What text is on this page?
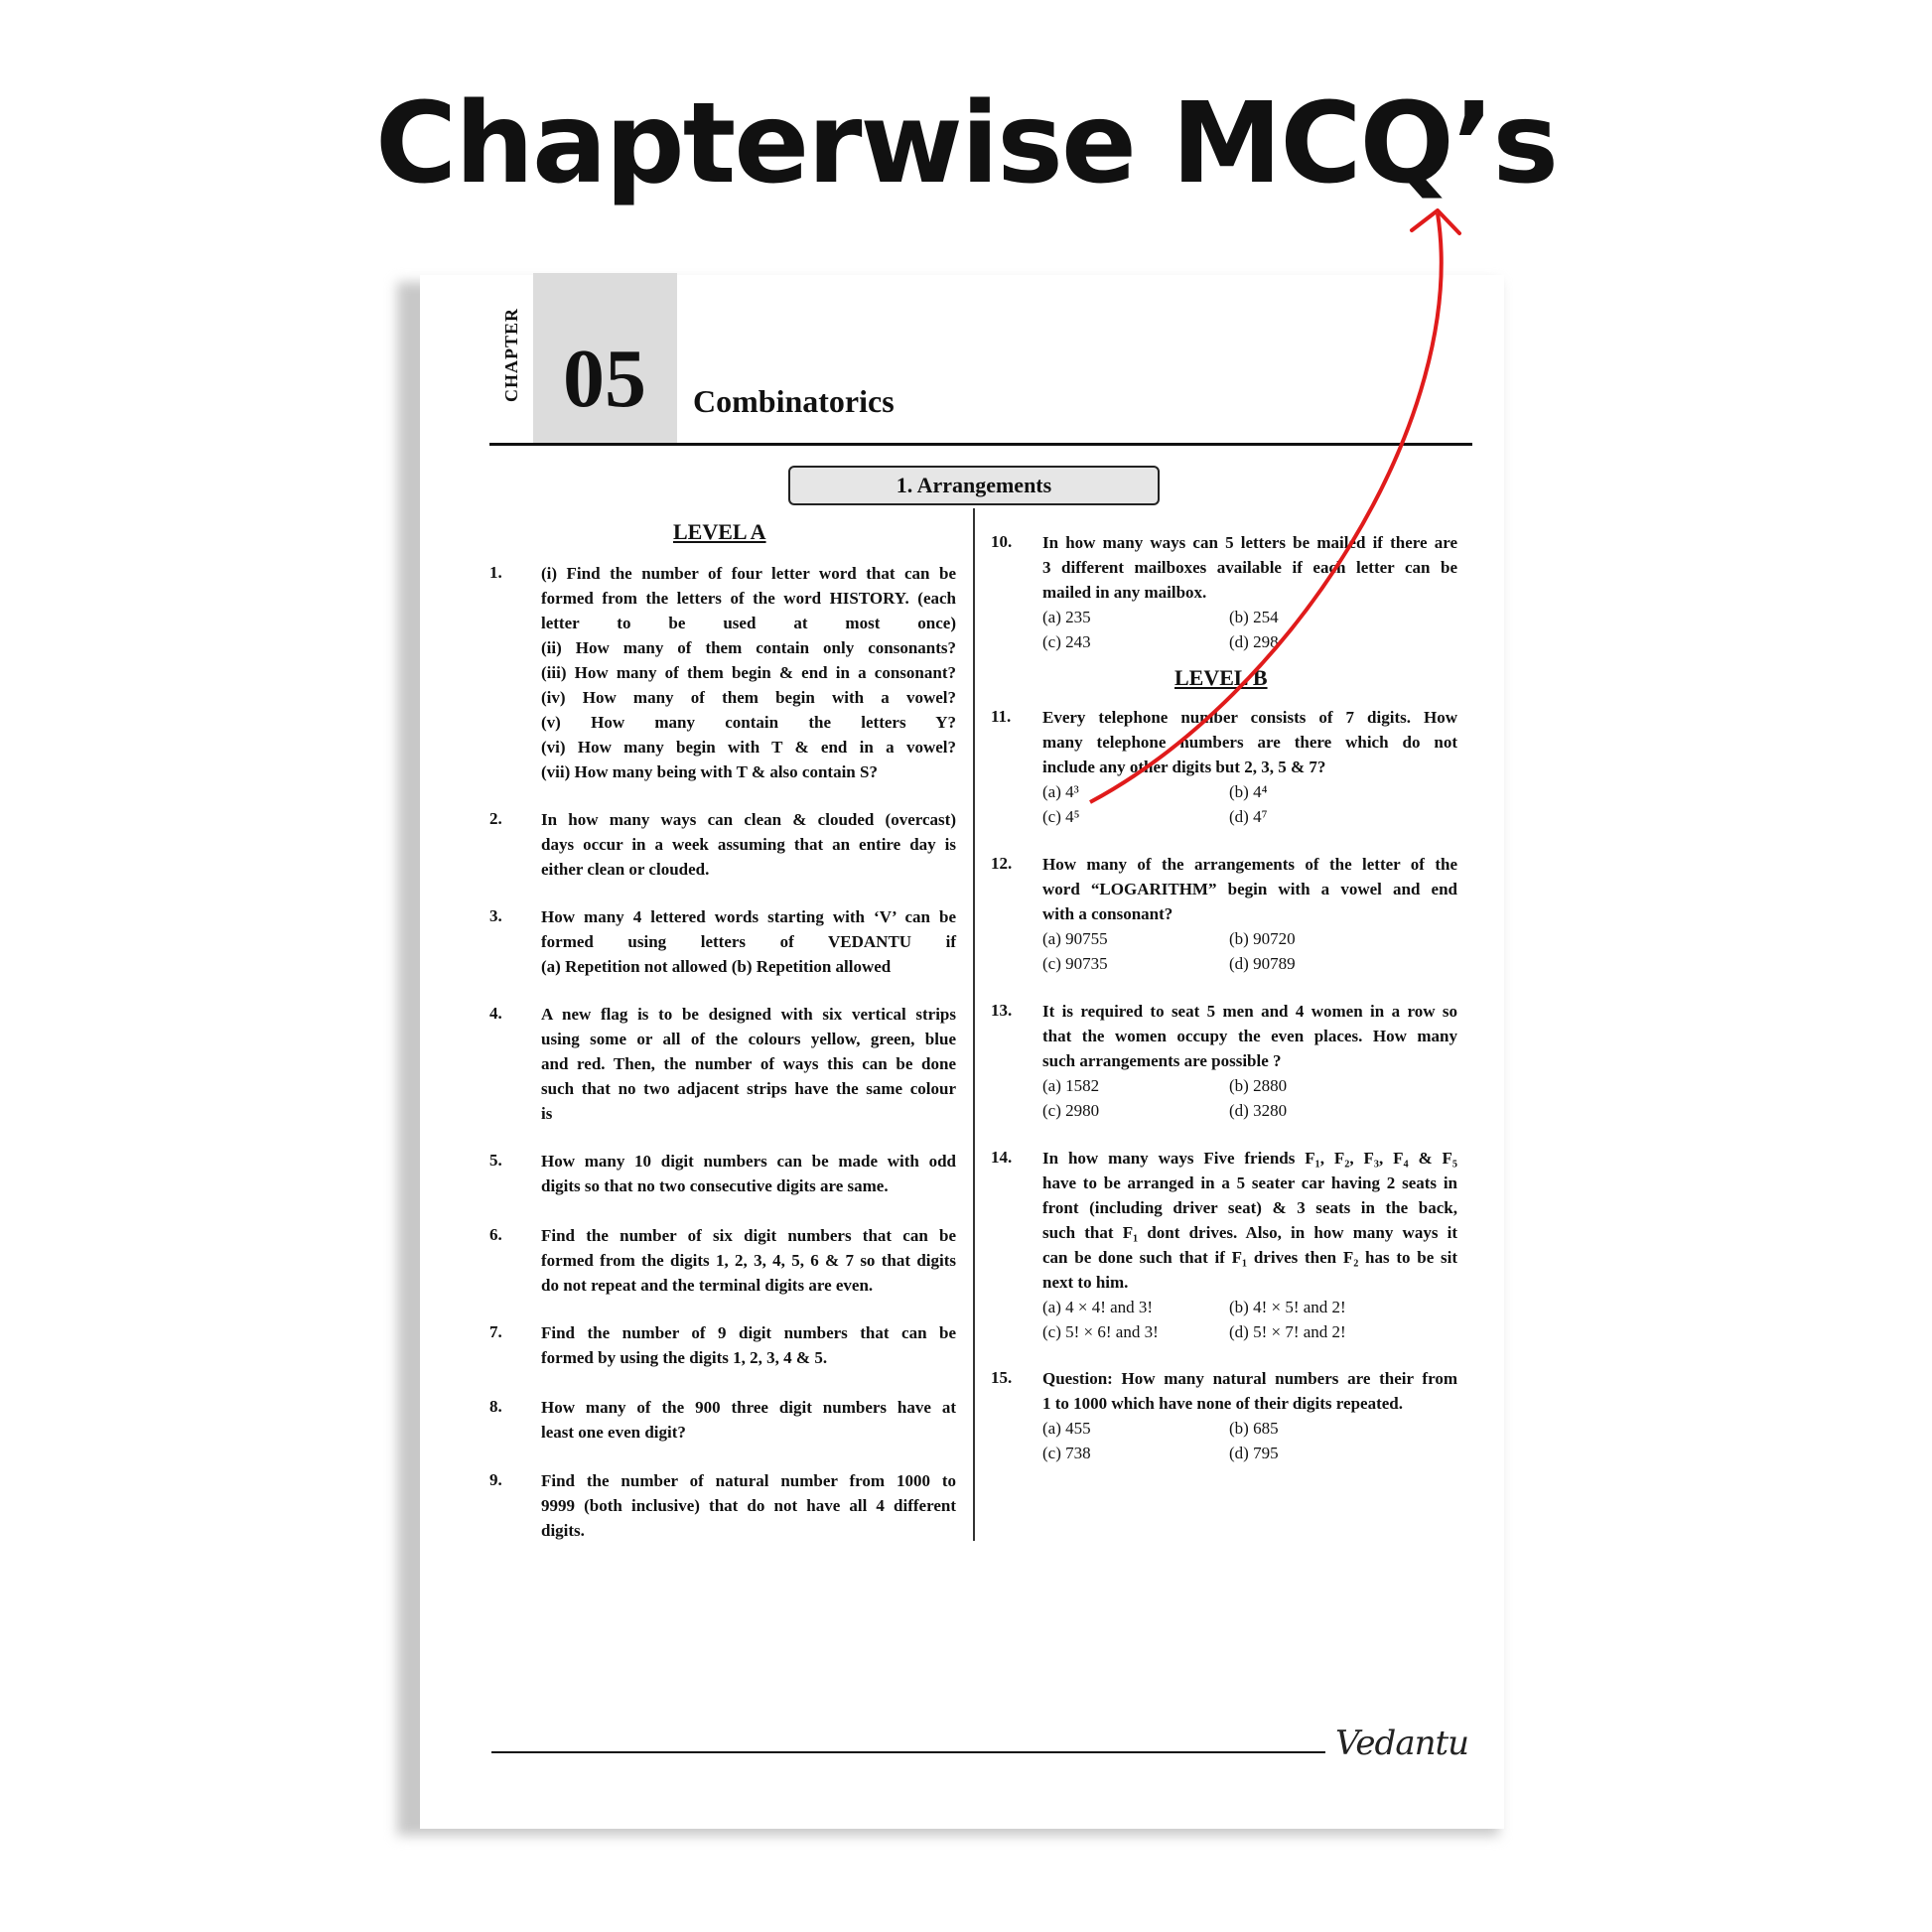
Chapterwise MCQ’s
CHAPTER 05 Combinatorics
1. Arrangements
LEVEL A
LEVEL B
1. (i) Find the number of four letter word that can be
formed from the letters of the word HISTORY. (each
letter to be used at most once)
(ii) How many of them contain only consonants?
(iii) How many of them begin & end in a consonant?
(iv) How many of them begin with a vowel?
(v) How many contain the letters Y?
(vi) How many begin with T & end in a vowel?
(vii) How many being with T & also contain S?
2. In how many ways can clean & clouded (overcast)
days occur in a week assuming that an entire day is
either clean or clouded.
3. How many 4 lettered words starting with ‘V’ can be
formed using letters of VEDANTU if
(a) Repetition not allowed (b) Repetition allowed
4. A new flag is to be designed with six vertical strips
using some or all of the colours yellow, green, blue
and red. Then, the number of ways this can be done
such that no two adjacent strips have the same colour
is
5. How many 10 digit numbers can be made with odd
digits so that no two consecutive digits are same.
6. Find the number of six digit numbers that can be
formed from the digits 1, 2, 3, 4, 5, 6 & 7 so that digits
do not repeat and the terminal digits are even.
7. Find the number of 9 digit numbers that can be
formed by using the digits 1, 2, 3, 4 & 5.
8. How many of the 900 three digit numbers have at
least one even digit?
9. Find the number of natural number from 1000 to
9999 (both inclusive) that do not have all 4 different
digits.
10. In how many ways can 5 letters be mailed if there are
3 different mailboxes available if each letter can be
mailed in any mailbox.
(a) 235	(b) 254
(c) 243	(d) 298
11. Every telephone number consists of 7 digits. How
many telephone numbers are there which do not
include any other digits but 2, 3, 5 & 7?
(a) 4³	(b) 4⁴
(c) 4⁵	(d) 4⁷
12. How many of the arrangements of the letter of the
word “LOGARITHM” begin with a vowel and end
with a consonant?
(a) 90755	(b) 90720
(c) 90735	(d) 90789
13. It is required to seat 5 men and 4 women in a row so
that the women occupy the even places. How many
such arrangements are possible ?
(a) 1582	(b) 2880
(c) 2980	(d) 3280
14. In how many ways Five friends F₁, F₂, F₃, F₄ & F₅
have to be arranged in a 5 seater car having 2 seats in
front (including driver seat) & 3 seats in the back,
such that F₁ dont drives. Also, in how many ways it
can be done such that if F₁ drives then F₂ has to be sit
next to him.
(a) 4 × 4! and 3!	(b) 4! × 5! and 2!
(c) 5! × 6! and 3!	(d) 5! × 7! and 2!
15. Question: How many natural numbers are their from
1 to 1000 which have none of their digits repeated.
(a) 455	(b) 685
(c) 738	(d) 795
Vedantu
